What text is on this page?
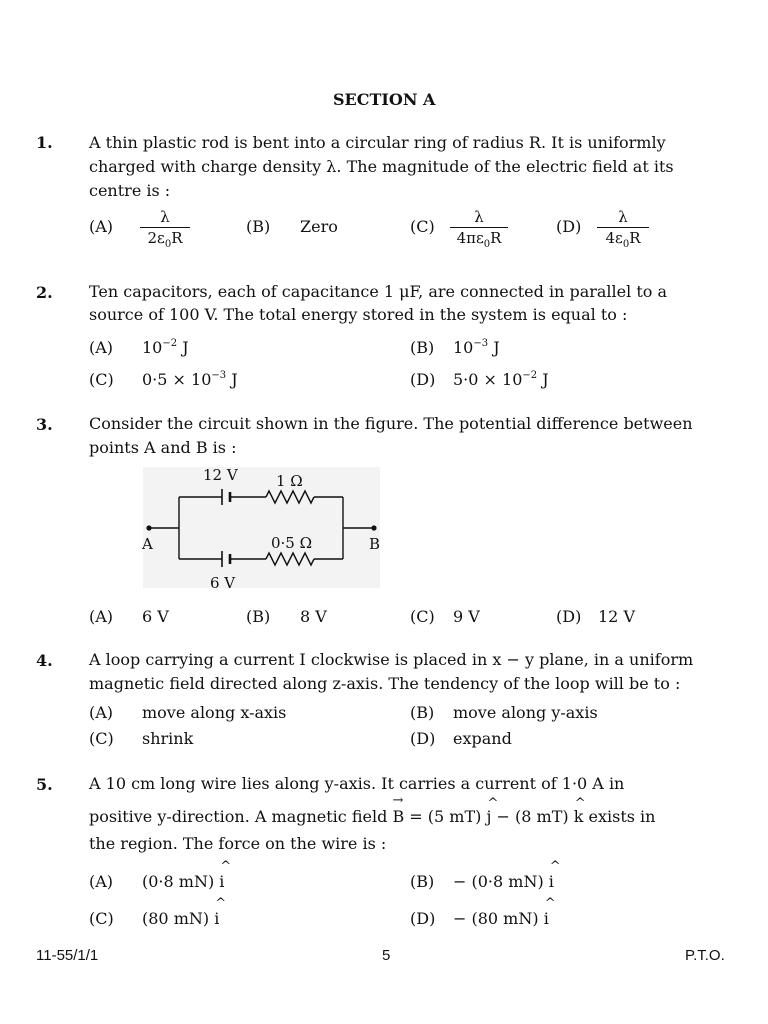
SECTION A
1. A thin plastic rod is bent into a circular ring of radius R. It is uniformly
charged with charge density λ. The magnitude of the electric field at its
centre is :
$(A) \frac{\lambda}{2\varepsilon_0R}$	(B) Zero	$(C) \frac{\lambda}{4\pi\varepsilon_0R}$	$(D) \frac{\lambda}{4\varepsilon_0R}$
2. Ten capacitors, each of capacitance 1 μF, are connected in parallel to a
source of 100 V. The total energy stored in the system is equal to :
(A) $10^{-2}$ J	(B) $10^{-3}$ J
(C) $0\cdot 5 \times 10^{-3}$ J	(D) $5\cdot 0 \times 10^{-2}$ J
3. Consider the circuit shown in the figure. The potential difference between
points A and B is :
12 V	1 Ω
0·5 Ω
6 V
A	B
(A) 6 V	(B) 8 V	(C) 9 V	(D) 12 V
4. A loop carrying a current I clockwise is placed in x − y plane, in a uniform
magnetic field directed along z-axis. The tendency of the loop will be to :
(A) move along x-axis	(B) move along y-axis
(C) shrink	(D) expand
5. A 10 cm long wire lies along y-axis. It carries a current of 1·0 A in
positive y-direction. A magnetic field → B = (5 mT) ^ j − (8 mT) ^ k exists in
the region. The force on the wire is :
(A) (0·8 mN) ^ i	(B) − (0·8 mN) ^ i
(C) (80 mN) ^ i	(D) − (80 mN) ^ i
11-55/1/1	5	P.T.O.
